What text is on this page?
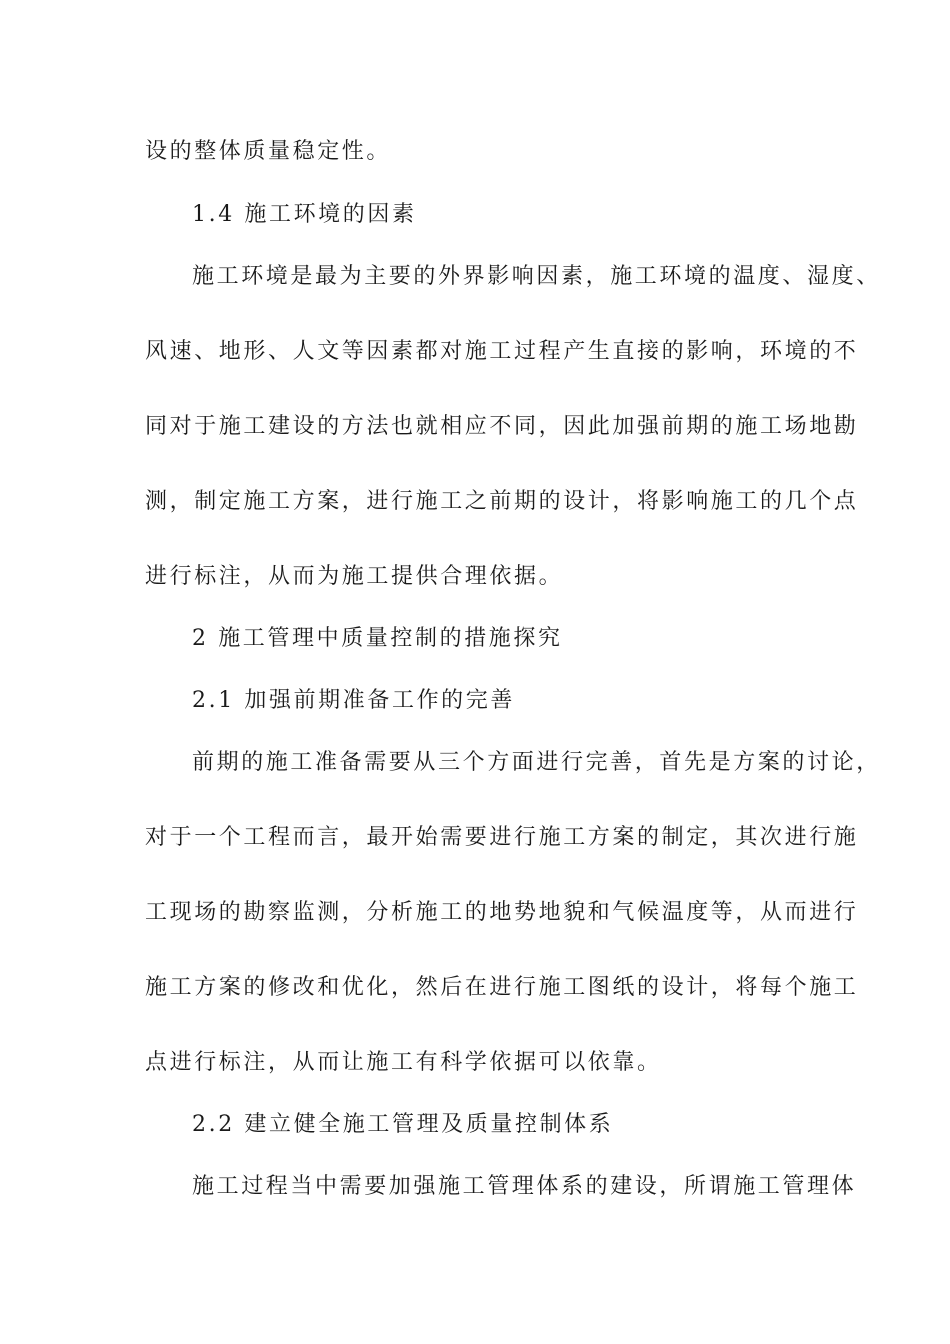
设的整体质量稳定性。
1.4 施工环境的因素
施工环境是最为主要的外界影响因素，施工环境的温度、湿度、
风速、地形、人文等因素都对施工过程产生直接的影响，环境的不
同对于施工建设的方法也就相应不同，因此加强前期的施工场地勘
测，制定施工方案，进行施工之前期的设计，将影响施工的几个点
进行标注，从而为施工提供合理依据。
2 施工管理中质量控制的措施探究
2.1 加强前期准备工作的完善
前期的施工准备需要从三个方面进行完善，首先是方案的讨论，
对于一个工程而言，最开始需要进行施工方案的制定，其次进行施
工现场的勘察监测，分析施工的地势地貌和气候温度等，从而进行
施工方案的修改和优化，然后在进行施工图纸的设计，将每个施工
点进行标注，从而让施工有科学依据可以依靠。
2.2 建立健全施工管理及质量控制体系
施工过程当中需要加强施工管理体系的建设，所谓施工管理体
